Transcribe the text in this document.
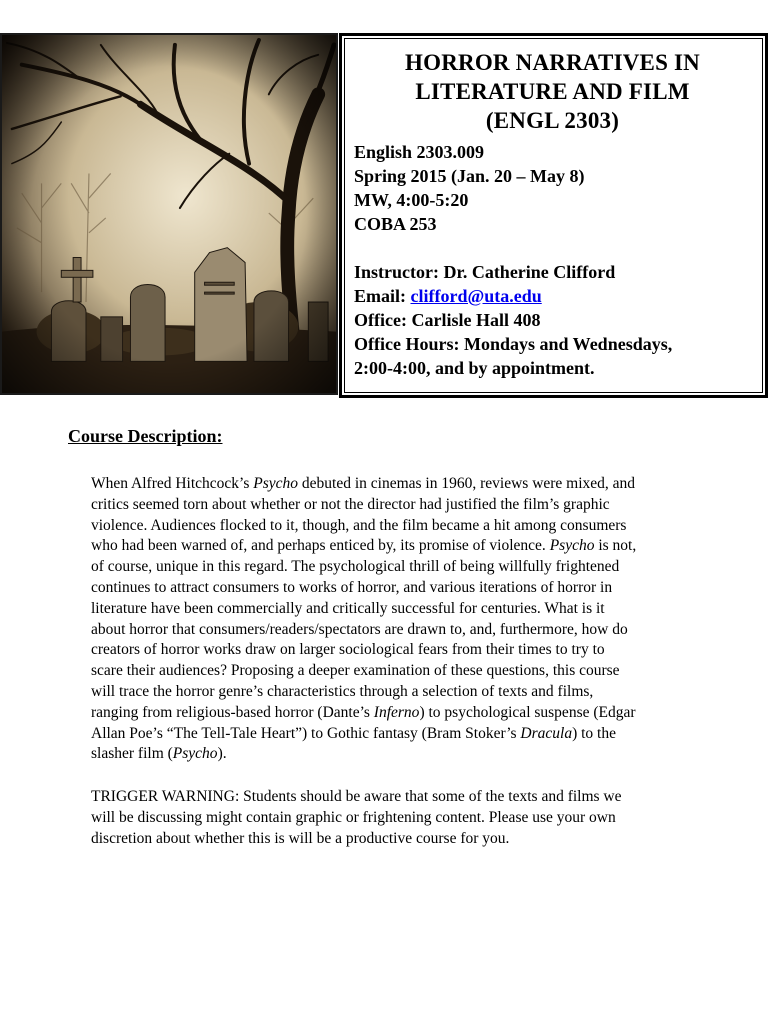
HORROR NARRATIVES IN
LITERATURE AND FILM
(ENGL 2303)
English 2303.009
Spring 2015 (Jan. 20 – May 8)
MW, 4:00-5:20
COBA 253
Instructor: Dr. Catherine Clifford
Email: clifford@uta.edu
Office: Carlisle Hall 408
Office Hours: Mondays and Wednesdays,
2:00-4:00, and by appointment.
Course Description:

When Alfred Hitchcock’s Psycho debuted in cinemas in 1960, reviews were mixed, and
critics seemed torn about whether or not the director had justified the film’s graphic
violence. Audiences flocked to it, though, and the film became a hit among consumers
who had been warned of, and perhaps enticed by, its promise of violence. Psycho is not,
of course, unique in this regard. The psychological thrill of being willfully frightened
continues to attract consumers to works of horror, and various iterations of horror in
literature have been commercially and critically successful for centuries. What is it
about horror that consumers/readers/spectators are drawn to, and, furthermore, how do
creators of horror works draw on larger sociological fears from their times to try to
scare their audiences? Proposing a deeper examination of these questions, this course
will trace the horror genre’s characteristics through a selection of texts and films,
ranging from religious-based horror (Dante’s Inferno) to psychological suspense (Edgar
Allan Poe’s “The Tell-Tale Heart”) to Gothic fantasy (Bram Stoker’s Dracula) to the
slasher film (Psycho).

TRIGGER WARNING: Students should be aware that some of the texts and films we
will be discussing might contain graphic or frightening content. Please use your own
discretion about whether this is will be a productive course for you.
